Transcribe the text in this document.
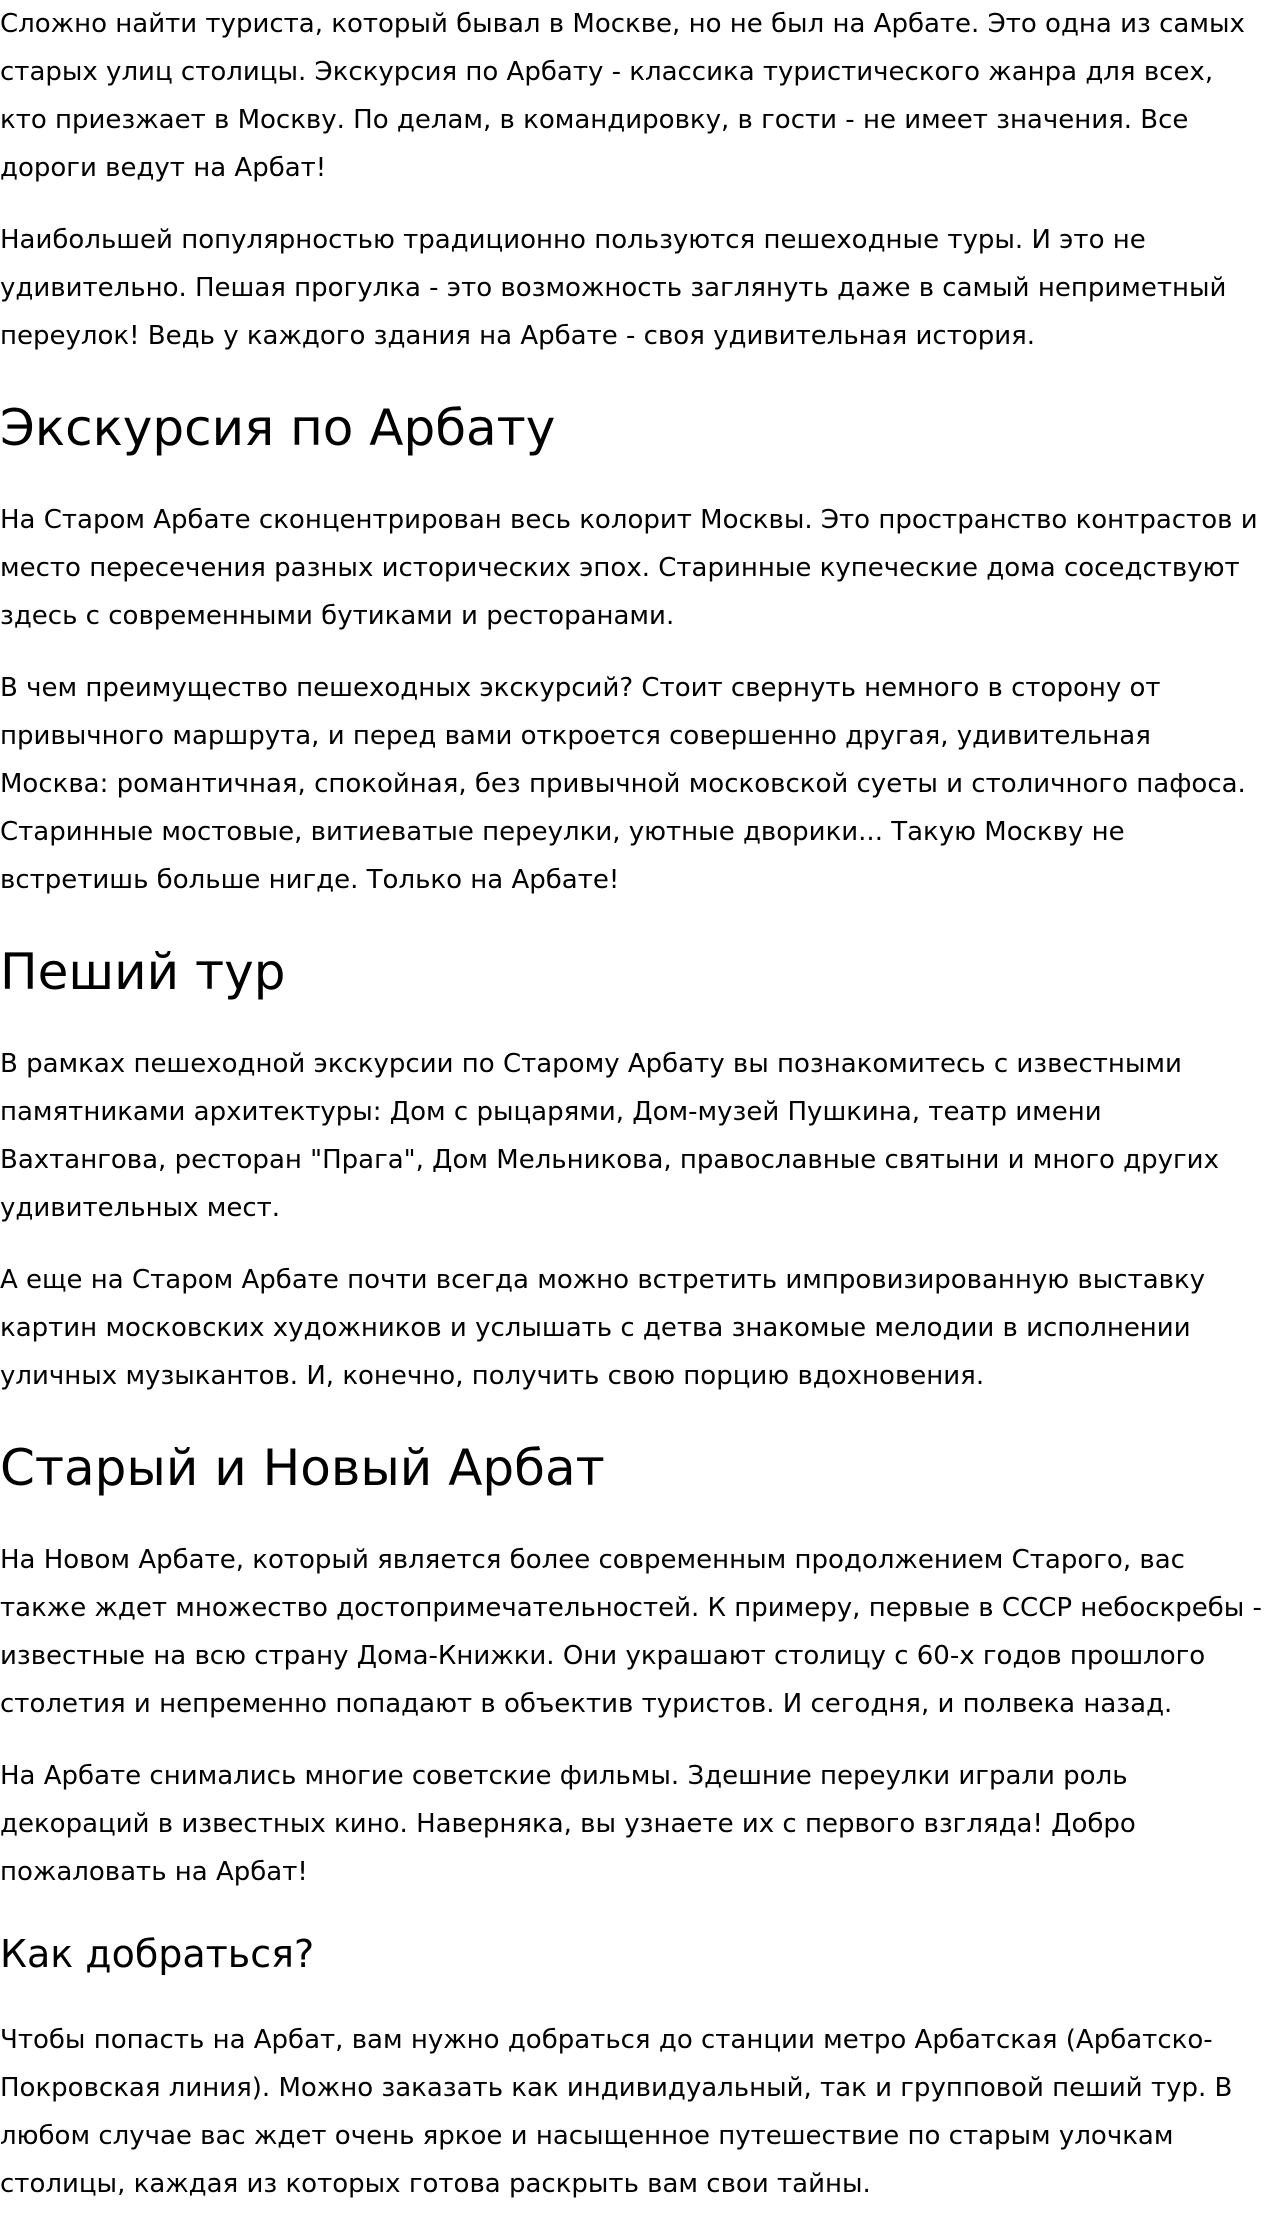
Сложно найти туриста, который бывал в Москве, но не был на Арбате. Это одна из самых старых улиц столицы. Экскурсия по Арбату - классика туристического жанра для всех, кто приезжает в Москву. По делам, в командировку, в гости - не имеет значения. Все дороги ведут на Арбат!

Наибольшей популярностью традиционно пользуются пешеходные туры. И это не удивительно. Пешая прогулка - это возможность заглянуть даже в самый неприметный переулок! Ведь у каждого здания на Арбате - своя удивительная история.

Экскурсия по Арбату

На Старом Арбате сконцентрирован весь колорит Москвы. Это пространство контрастов и место пересечения разных исторических эпох. Старинные купеческие дома соседствуют здесь с современными бутиками и ресторанами.

В чем преимущество пешеходных экскурсий? Стоит свернуть немного в сторону от привычного маршрута, и перед вами откроется совершенно другая, удивительная Москва: романтичная, спокойная, без привычной московской суеты и столичного пафоса. Старинные мостовые, витиеватые переулки, уютные дворики... Такую Москву не встретишь больше нигде. Только на Арбате!

Пеший тур

В рамках пешеходной экскурсии по Старому Арбату вы познакомитесь с известными памятниками архитектуры: Дом с рыцарями, Дом-музей Пушкина, театр имени Вахтангова, ресторан "Прага", Дом Мельникова, православные святыни и много других удивительных мест.

А еще на Старом Арбате почти всегда можно встретить импровизированную выставку картин московских художников и услышать с детва знакомые мелодии в исполнении уличных музыкантов. И, конечно, получить свою порцию вдохновения.

Старый и Новый Арбат

На Новом Арбате, который является более современным продолжением Старого, вас также ждет множество достопримечательностей. К примеру, первые в СССР небоскребы - известные на всю страну Дома-Книжки. Они украшают столицу с 60-х годов прошлого столетия и непременно попадают в объектив туристов. И сегодня, и полвека назад.

На Арбате снимались многие советские фильмы. Здешние переулки играли роль декораций в известных кино. Наверняка, вы узнаете их с первого взгляда! Добро пожаловать на Арбат!

Как добраться?

Чтобы попасть на Арбат, вам нужно добраться до станции метро Арбатская (Арбатско-Покровская линия). Можно заказать как индивидуальный, так и групповой пеший тур. В любом случае вас ждет очень яркое и насыщенное путешествие по старым улочкам столицы, каждая из которых готова раскрыть вам свои тайны.
